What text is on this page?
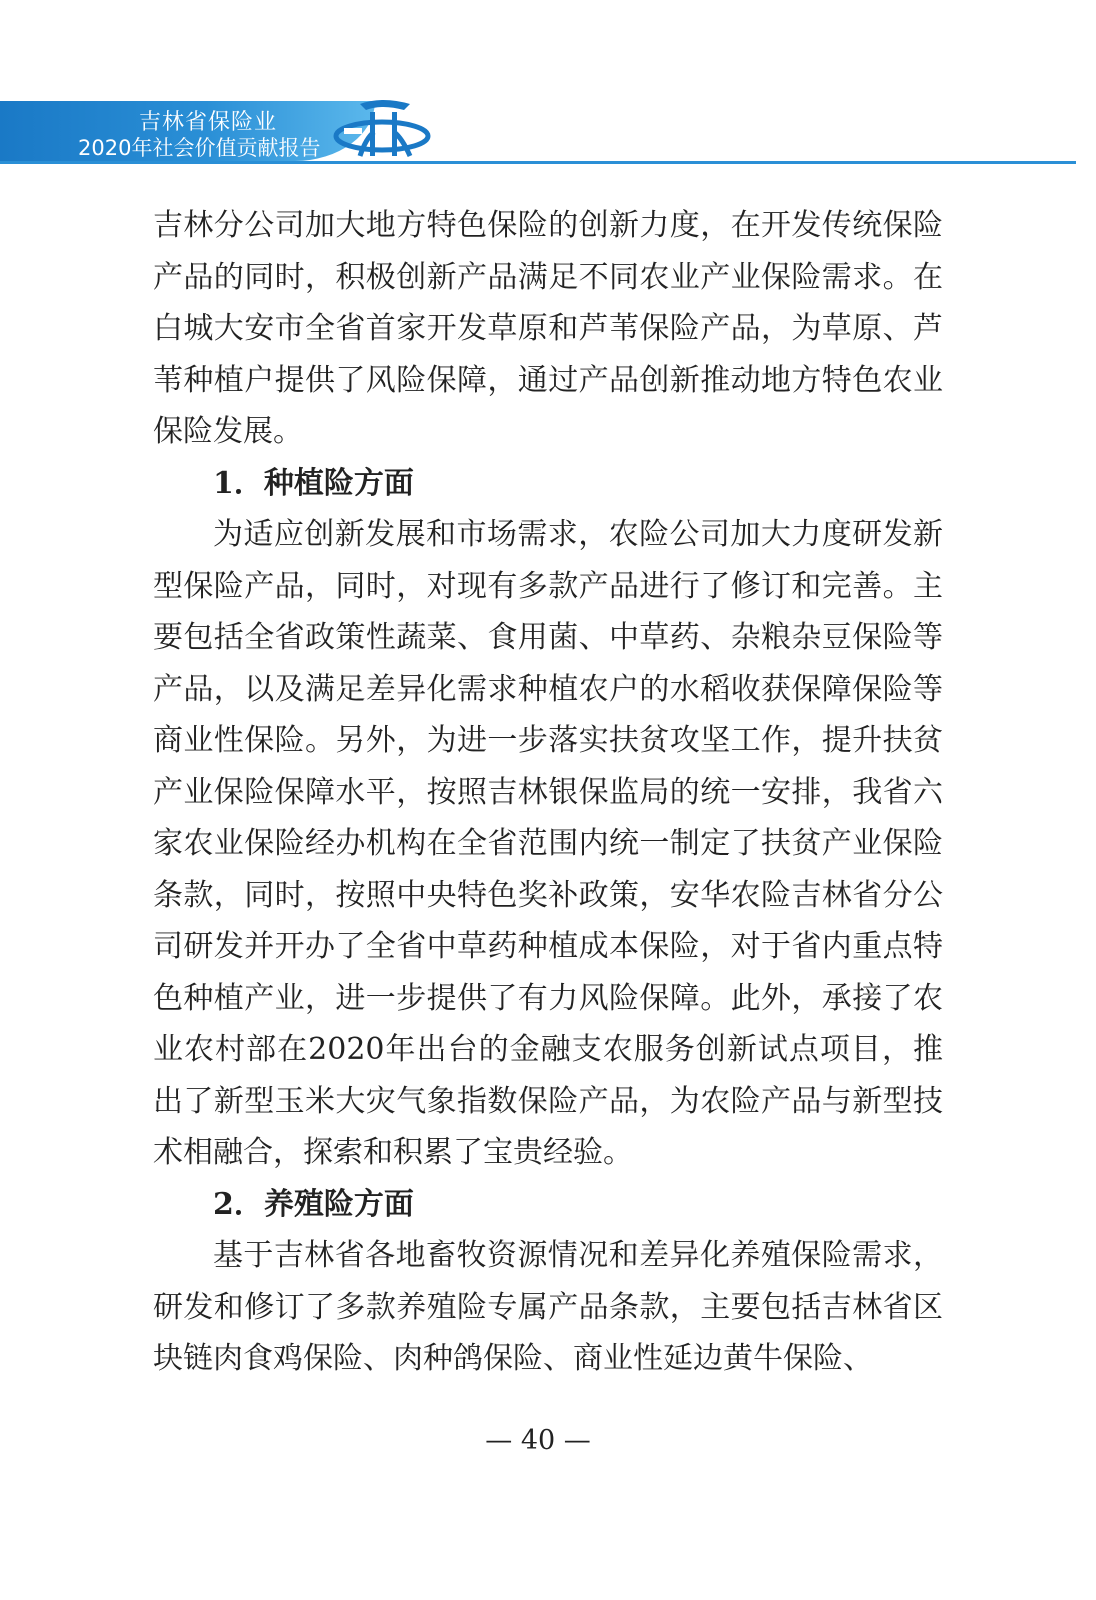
吉林省保险业
2020年社会价值贡献报告

吉林分公司加大地方特色保险的创新力度，在开发传统保险产品的同时，积极创新产品满足不同农业产业保险需求。在白城大安市全省首家开发草原和芦苇保险产品，为草原、芦苇种植户提供了风险保障，通过产品创新推动地方特色农业保险发展。

1．种植险方面

为适应创新发展和市场需求，农险公司加大力度研发新型保险产品，同时，对现有多款产品进行了修订和完善。主要包括全省政策性蔬菜、食用菌、中草药、杂粮杂豆保险等产品，以及满足差异化需求种植农户的水稻收获保障保险等商业性保险。另外，为进一步落实扶贫攻坚工作，提升扶贫产业保险保障水平，按照吉林银保监局的统一安排，我省六家农业保险经办机构在全省范围内统一制定了扶贫产业保险条款，同时，按照中央特色奖补政策，安华农险吉林省分公司研发并开办了全省中草药种植成本保险，对于省内重点特色种植产业，进一步提供了有力风险保障。此外，承接了农业农村部在2020年出台的金融支农服务创新试点项目，推出了新型玉米大灾气象指数保险产品，为农险产品与新型技术相融合，探索和积累了宝贵经验。

2．养殖险方面

基于吉林省各地畜牧资源情况和差异化养殖保险需求，研发和修订了多款养殖险专属产品条款，主要包括吉林省区块链肉食鸡保险、肉种鸽保险、商业性延边黄牛保险、

— 40 —
